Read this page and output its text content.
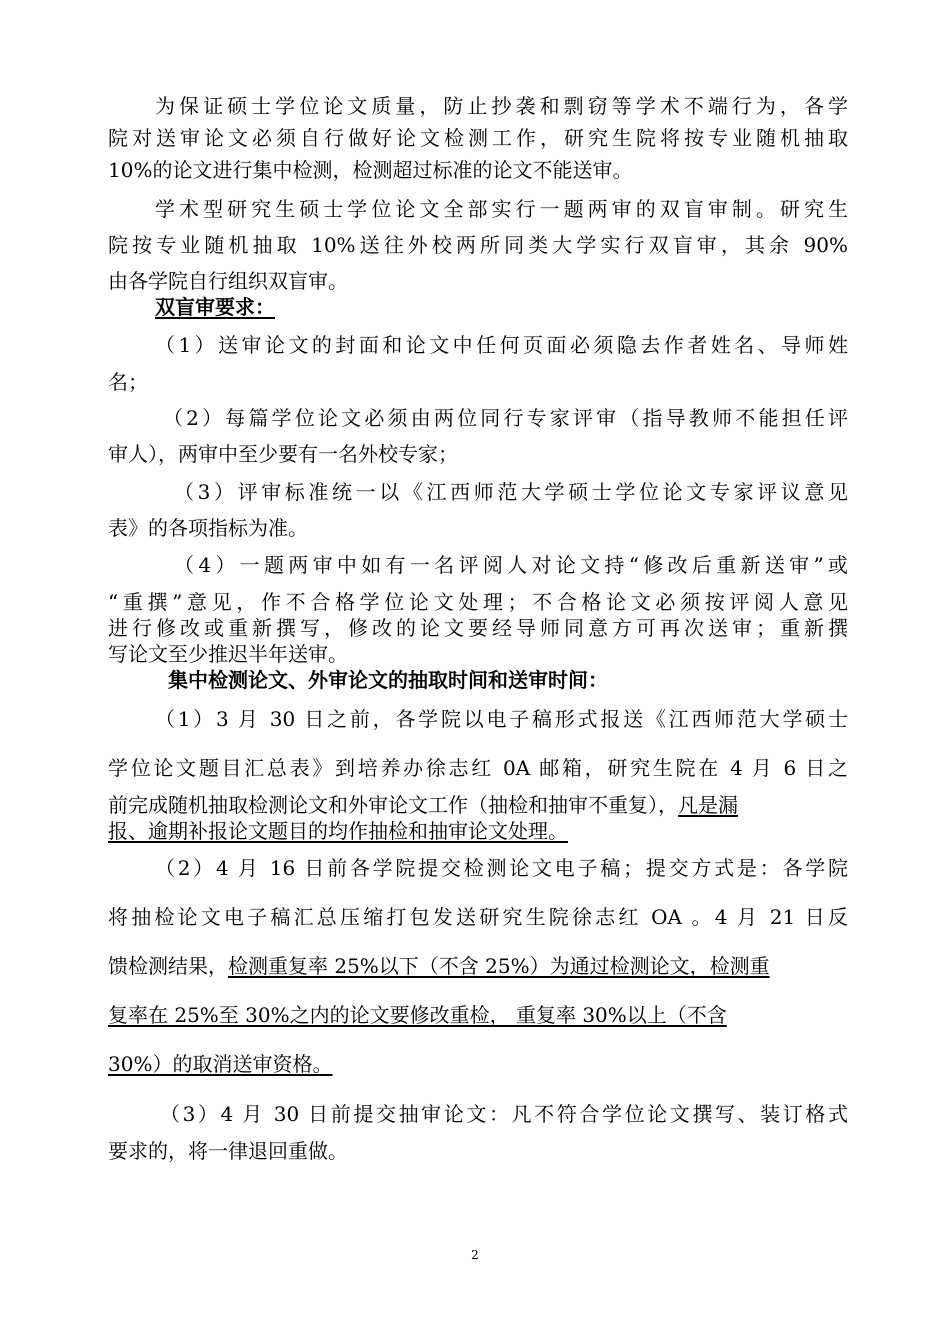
为保证硕士学位论文质量，防止抄袭和剽窃等学术不端行为，各学
院对送审论文必须自行做好论文检测工作，研究生院将按专业随机抽取
10%的论文进行集中检测，检测超过标准的论文不能送审。
学术型研究生硕士学位论文全部实行一题两审的双盲审制。研究生
院按专业随机抽取 10%送往外校两所同类大学实行双盲审，其余 90%
由各学院自行组织双盲审。
双盲审要求：
（1）送审论文的封面和论文中任何页面必须隐去作者姓名、导师姓
名；
（2）每篇学位论文必须由两位同行专家评审（指导教师不能担任评
审人），两审中至少要有一名外校专家；
（3）评审标准统一以《江西师范大学硕士学位论文专家评议意见
表》的各项指标为准。
（4）一题两审中如有一名评阅人对论文持“修改后重新送审”或
“重撰”意见，作不合格学位论文处理；不合格论文必须按评阅人意见
进行修改或重新撰写，修改的论文要经导师同意方可再次送审；重新撰
写论文至少推迟半年送审。
集中检测论文、外审论文的抽取时间和送审时间：
（1）3 月 30 日之前，各学院以电子稿形式报送《江西师范大学硕士
学位论文题目汇总表》到培养办徐志红 0A 邮箱，研究生院在 4 月 6 日之
前完成随机抽取检测论文和外审论文工作（抽检和抽审不重复），凡是漏
报、逾期补报论文题目的均作抽检和抽审论文处理。
（2）4 月 16 日前各学院提交检测论文电子稿；提交方式是：各学院
将抽检论文电子稿汇总压缩打包发送研究生院徐志红 OA 。4 月 21 日反
馈检测结果，检测重复率 25%以下（不含 25%）为通过检测论文，检测重
复率在 25%至 30%之内的论文要修改重检， 重复率 30%以上（不含
30%）的取消送审资格。
（3）4 月 30 日前提交抽审论文：凡不符合学位论文撰写、装订格式
要求的，将一律退回重做。
2
